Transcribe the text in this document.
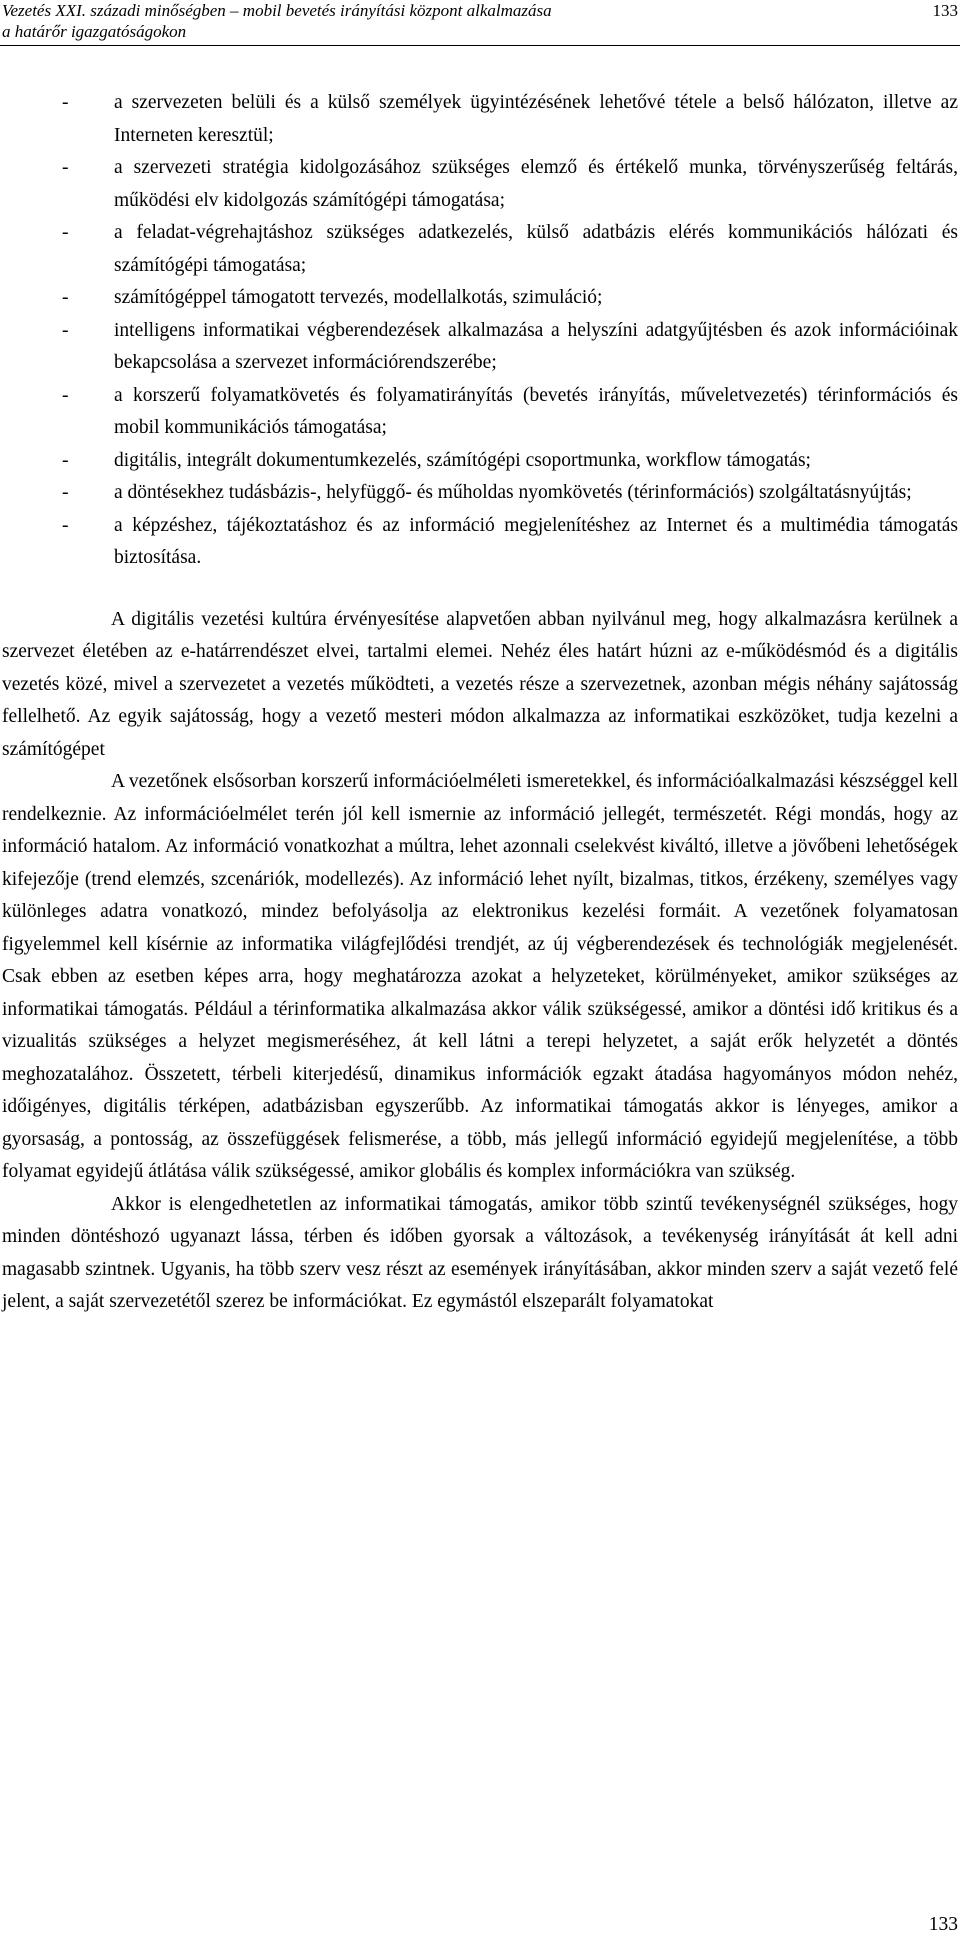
Vezetés XXI. századi minőségben – mobil bevetés irányítási központ alkalmazása
a határőr igazgatóságokon
133
- a szervezeten belüli és a külső személyek ügyintézésének lehetővé tétele a belső hálózaton, illetve az Interneten keresztül;
- a szervezeti stratégia kidolgozásához szükséges elemző és értékelő munka, törvényszerűség feltárás, működési elv kidolgozás számítógépi támogatása;
- a feladat-végrehajtáshoz szükséges adatkezelés, külső adatbázis elérés kommunikációs hálózati és számítógépi támogatása;
- számítógéppel támogatott tervezés, modellalkotás, szimuláció;
- intelligens informatikai végberendezések alkalmazása a helyszíni adatgyűjtésben és azok információinak bekapcsolása a szervezet információrendszerébe;
- a korszerű folyamatkövetés és folyamatirányítás (bevetés irányítás, műveletvezetés) térinformációs és mobil kommunikációs támogatása;
- digitális, integrált dokumentumkezelés, számítógépi csoportmunka, workflow támogatás;
- a döntésekhez tudásbázis-, helyfüggő- és műholdas nyomkövetés (térinformációs) szolgáltatásnyújtás;
- a képzéshez, tájékoztatáshoz és az információ megjelenítéshez az Internet és a multimédia támogatás biztosítása.

A digitális vezetési kultúra érvényesítése alapvetően abban nyilvánul meg, hogy alkalmazásra kerülnek a szervezet életében az e-határrendészet elvei, tartalmi elemei. Nehéz éles határt húzni az e-működésmód és a digitális vezetés közé, mivel a szervezetet a vezetés működteti, a vezetés része a szervezetnek, azonban mégis néhány sajátosság fellelhető. Az egyik sajátosság, hogy a vezető mesteri módon alkalmazza az informatikai eszközöket, tudja kezelni a számítógépet

A vezetőnek elsősorban korszerű információelméleti ismeretekkel, és információalkalmazási készséggel kell rendelkeznie. Az információelmélet terén jól kell ismernie az információ jellegét, természetét. Régi mondás, hogy az információ hatalom. Az információ vonatkozhat a múltra, lehet azonnali cselekvést kiváltó, illetve a jövőbeni lehetőségek kifejezője (trend elemzés, szcenáriók, modellezés). Az információ lehet nyílt, bizalmas, titkos, érzékeny, személyes vagy különleges adatra vonatkozó, mindez befolyásolja az elektronikus kezelési formáit. A vezetőnek folyamatosan figyelemmel kell kísérnie az informatika világfejlődési trendjét, az új végberendezések és technológiák megjelenését. Csak ebben az esetben képes arra, hogy meghatározza azokat a helyzeteket, körülményeket, amikor szükséges az informatikai támogatás. Például a térinformatika alkalmazása akkor válik szükségessé, amikor a döntési idő kritikus és a vizualitás szükséges a helyzet megismeréséhez, át kell látni a terepi helyzetet, a saját erők helyzetét a döntés meghozatalához. Összetett, térbeli kiterjedésű, dinamikus információk egzakt átadása hagyományos módon nehéz, időigényes, digitális térképen, adatbázisban egyszerűbb. Az informatikai támogatás akkor is lényeges, amikor a gyorsaság, a pontosság, az összefüggések felismerése, a több, más jellegű információ egyidejű megjelenítése, a több folyamat egyidejű átlátása válik szükségessé, amikor globális és komplex információkra van szükség.

Akkor is elengedhetetlen az informatikai támogatás, amikor több szintű tevékenységnél szükséges, hogy minden döntéshozó ugyanazt lássa, térben és időben gyorsak a változások, a tevékenység irányítását át kell adni magasabb szintnek. Ugyanis, ha több szerv vesz részt az események irányításában, akkor minden szerv a saját vezető felé jelent, a saját szervezetétől szerez be információkat. Ez egymástól elszeparált folyamatokat

133
